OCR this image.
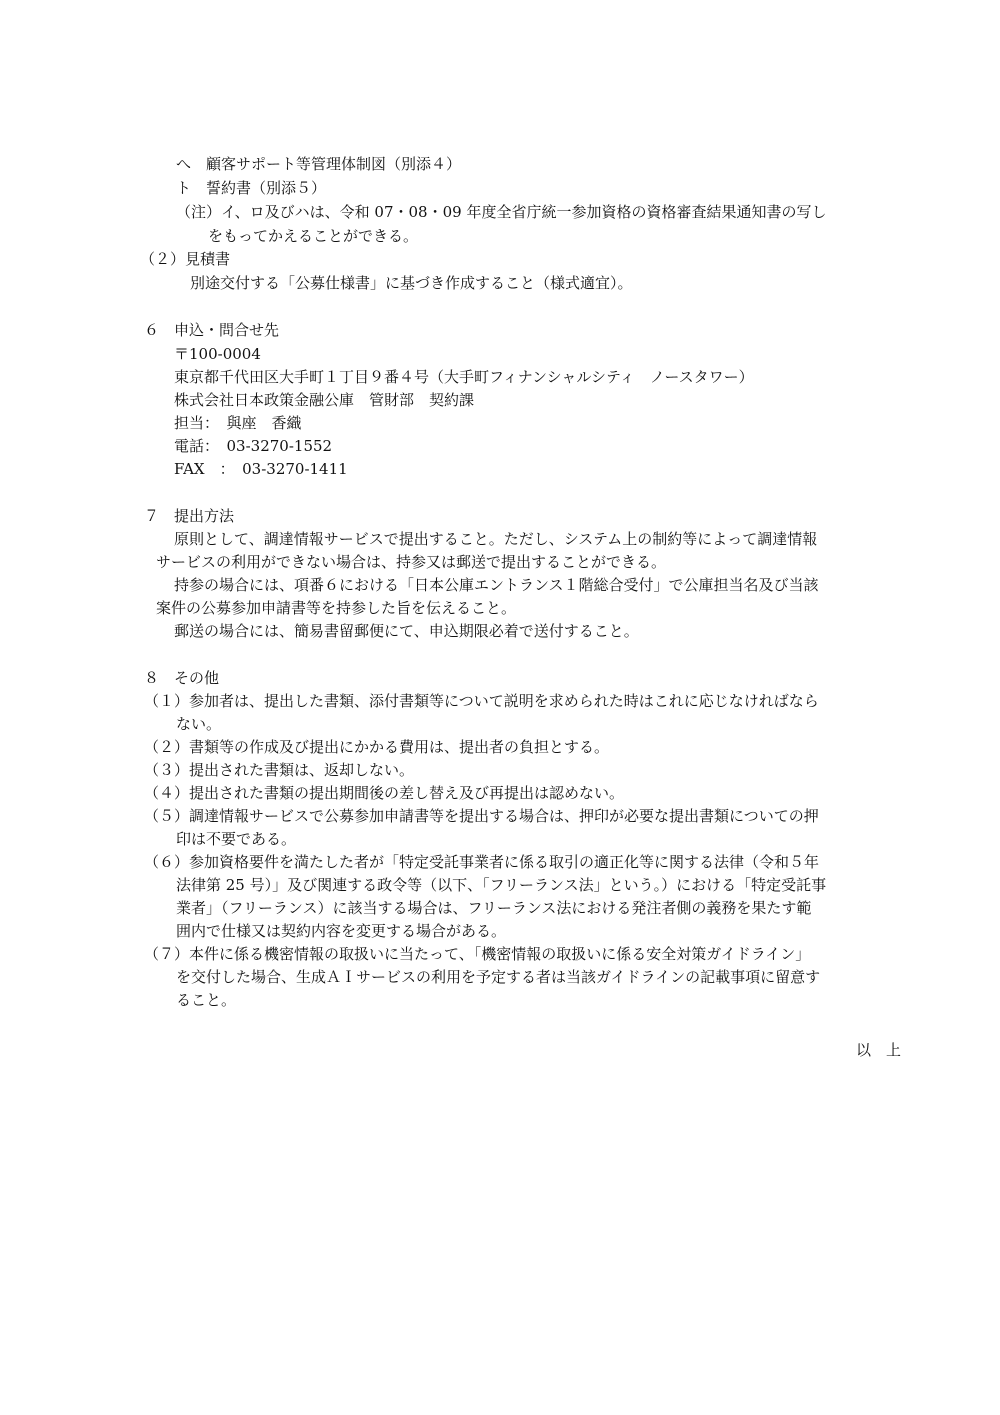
へ　顧客サポート等管理体制図（別添４）
ト　誓約書（別添５）
（注）イ、ロ及びハは、令和 07・08・09 年度全省庁統一参加資格の資格審査結果通知書の写し
をもってかえることができる。
（２）見積書
別途交付する「公募仕様書」に基づき作成すること（様式適宜）。
６　申込・問合せ先
〒100-0004
東京都千代田区大手町１丁目９番４号（大手町フィナンシャルシティ　ノースタワー）
株式会社日本政策金融公庫　管財部　契約課
担当：　與座　香織
電話：　03-3270-1552
FAX　：　03-3270-1411
７　提出方法
原則として、調達情報サービスで提出すること。ただし、システム上の制約等によって調達情報
サービスの利用ができない場合は、持参又は郵送で提出することができる。
持参の場合には、項番６における「日本公庫エントランス１階総合受付」で公庫担当名及び当該
案件の公募参加申請書等を持参した旨を伝えること。
郵送の場合には、簡易書留郵便にて、申込期限必着で送付すること。
８　その他
（１）参加者は、提出した書類、添付書類等について説明を求められた時はこれに応じなければなら
ない。
（２）書類等の作成及び提出にかかる費用は、提出者の負担とする。
（３）提出された書類は、返却しない。
（４）提出された書類の提出期間後の差し替え及び再提出は認めない。
（５）調達情報サービスで公募参加申請書等を提出する場合は、押印が必要な提出書類についての押
印は不要である。
（６）参加資格要件を満たした者が「特定受託事業者に係る取引の適正化等に関する法律（令和５年
法律第 25 号）」及び関連する政令等（以下、「フリーランス法」という。）における「特定受託事
業者」（フリーランス）に該当する場合は、フリーランス法における発注者側の義務を果たす範
囲内で仕様又は契約内容を変更する場合がある。
（７）本件に係る機密情報の取扱いに当たって、「機密情報の取扱いに係る安全対策ガイドライン」
を交付した場合、生成ＡＩサービスの利用を予定する者は当該ガイドラインの記載事項に留意す
ること。
以　上
